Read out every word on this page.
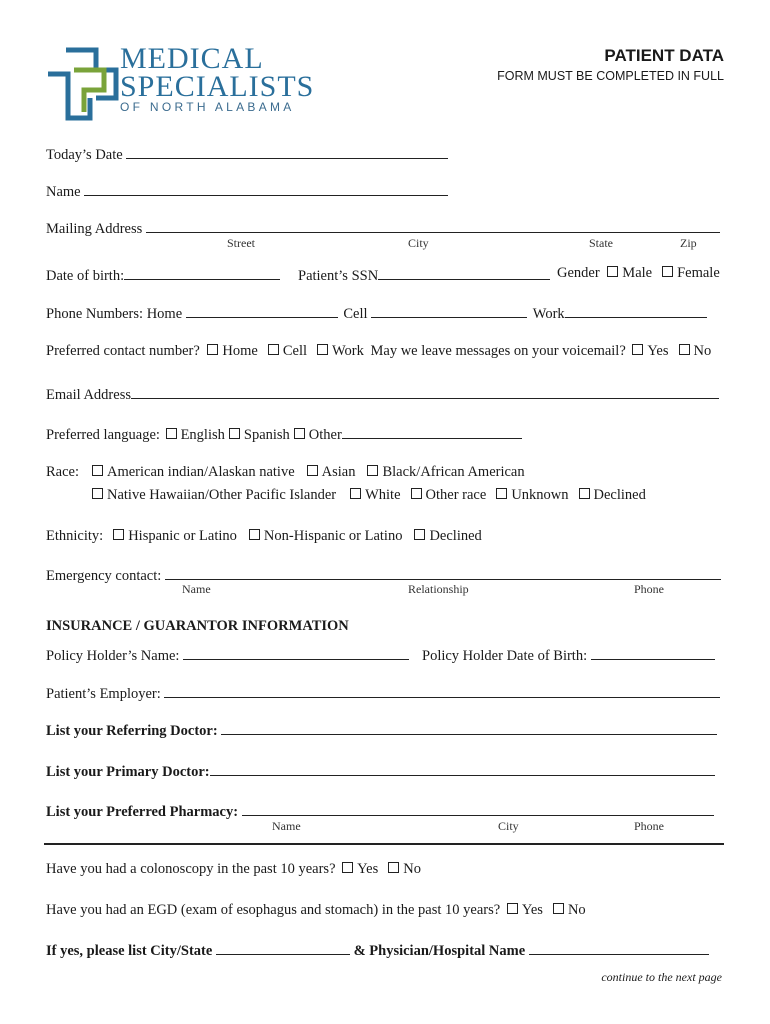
MEDICAL
SPECIALISTS
OF NORTH ALABAMA
PATIENT DATA
FORM MUST BE COMPLETED IN FULL
Today’s Date
Name
Mailing Address
Street	City	State	Zip
Date of birth:	Patient’s SSN	Gender Male Female
Phone Numbers: Home	Cell	Work
Preferred contact number? Home Cell Work May we leave messages on your voicemail? Yes No
Email Address
Preferred language: English Spanish Other
Race:	American indian/Alaskan native Asian Black/African American
Native Hawaiian/Other Pacific Islander White Other race Unknown Declined
Ethnicity: Hispanic or Latino Non-Hispanic or Latino Declined
Emergency contact:
Name	Relationship	Phone
INSURANCE / GUARANTOR INFORMATION
Policy Holder’s Name:	Policy Holder Date of Birth:
Patient’s Employer:
List your Referring Doctor:
List your Primary Doctor:
List your Preferred Pharmacy:
Name	City	Phone
Have you had a colonoscopy in the past 10 years? Yes No
Have you had an EGD (exam of esophagus and stomach) in the past 10 years? Yes No
If yes, please list City/State	& Physician/Hospital Name
continue to the next page
